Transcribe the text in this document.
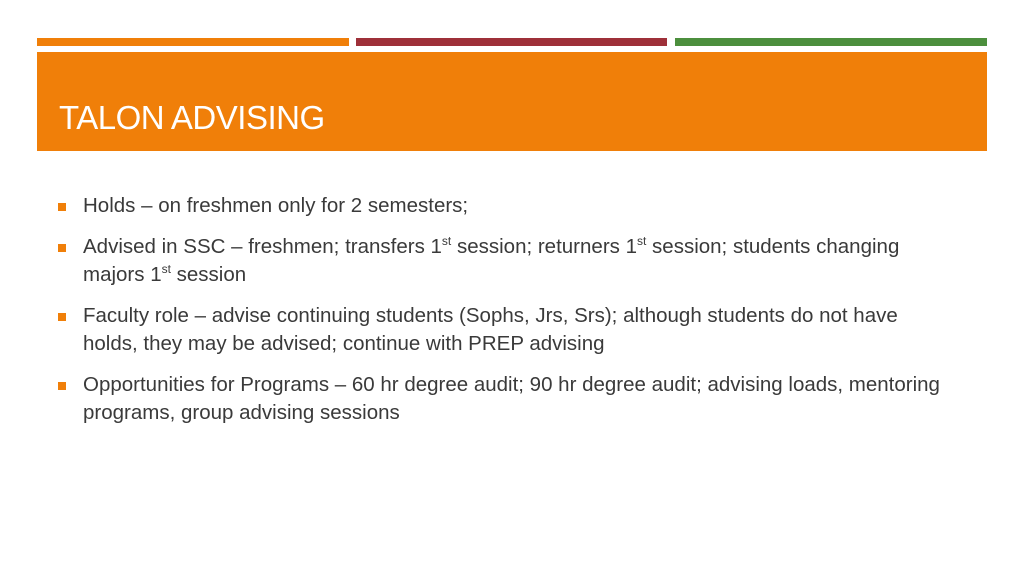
TALON ADVISING
Holds – on freshmen only for 2 semesters;
Advised in SSC – freshmen; transfers 1st session; returners 1st session; students changing majors 1st session
Faculty role – advise continuing students (Sophs, Jrs, Srs); although students do not have holds, they may be advised; continue with PREP advising
Opportunities for Programs – 60 hr degree audit; 90 hr degree audit; advising loads, mentoring programs, group advising sessions
